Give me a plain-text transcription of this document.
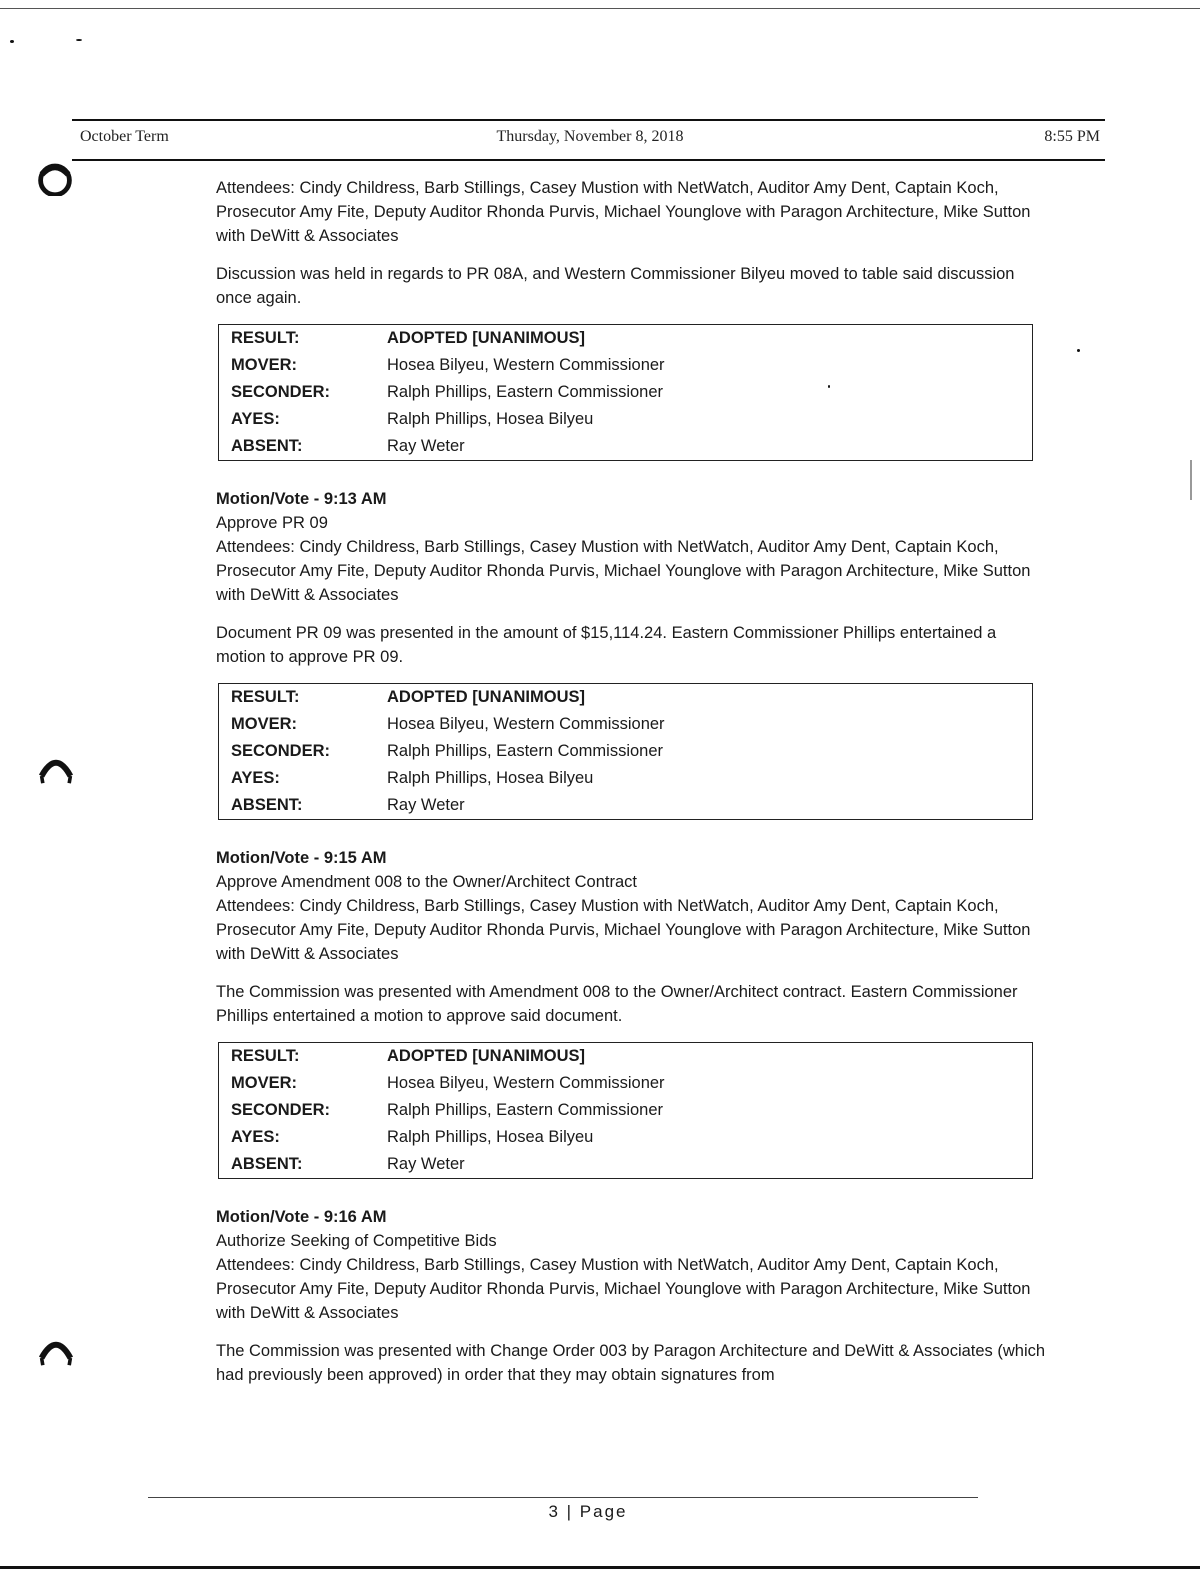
October Term	Thursday, November 8, 2018	8:55 PM

Attendees: Cindy Childress, Barb Stillings, Casey Mustion with NetWatch, Auditor Amy Dent, Captain Koch, Prosecutor Amy Fite, Deputy Auditor Rhonda Purvis, Michael Younglove with Paragon Architecture, Mike Sutton with DeWitt & Associates

Discussion was held in regards to PR 08A, and Western Commissioner Bilyeu moved to table said discussion once again.

RESULT:	ADOPTED [UNANIMOUS]
MOVER:	Hosea Bilyeu, Western Commissioner
SECONDER:	Ralph Phillips, Eastern Commissioner
AYES:	Ralph Phillips, Hosea Bilyeu
ABSENT:	Ray Weter

Motion/Vote - 9:13 AM

Approve PR 09

Attendees: Cindy Childress, Barb Stillings, Casey Mustion with NetWatch, Auditor Amy Dent, Captain Koch, Prosecutor Amy Fite, Deputy Auditor Rhonda Purvis, Michael Younglove with Paragon Architecture, Mike Sutton with DeWitt & Associates

Document PR 09 was presented in the amount of $15,114.24. Eastern Commissioner Phillips entertained a motion to approve PR 09.

RESULT:	ADOPTED [UNANIMOUS]
MOVER:	Hosea Bilyeu, Western Commissioner
SECONDER:	Ralph Phillips, Eastern Commissioner
AYES:	Ralph Phillips, Hosea Bilyeu
ABSENT:	Ray Weter

Motion/Vote - 9:15 AM

Approve Amendment 008 to the Owner/Architect Contract

Attendees: Cindy Childress, Barb Stillings, Casey Mustion with NetWatch, Auditor Amy Dent, Captain Koch, Prosecutor Amy Fite, Deputy Auditor Rhonda Purvis, Michael Younglove with Paragon Architecture, Mike Sutton with DeWitt & Associates

The Commission was presented with Amendment 008 to the Owner/Architect contract. Eastern Commissioner Phillips entertained a motion to approve said document.

RESULT:	ADOPTED [UNANIMOUS]
MOVER:	Hosea Bilyeu, Western Commissioner
SECONDER:	Ralph Phillips, Eastern Commissioner
AYES:	Ralph Phillips, Hosea Bilyeu
ABSENT:	Ray Weter

Motion/Vote - 9:16 AM

Authorize Seeking of Competitive Bids

Attendees: Cindy Childress, Barb Stillings, Casey Mustion with NetWatch, Auditor Amy Dent, Captain Koch, Prosecutor Amy Fite, Deputy Auditor Rhonda Purvis, Michael Younglove with Paragon Architecture, Mike Sutton with DeWitt & Associates

The Commission was presented with Change Order 003 by Paragon Architecture and DeWitt & Associates (which had previously been approved) in order that they may obtain signatures from

3 | Page
